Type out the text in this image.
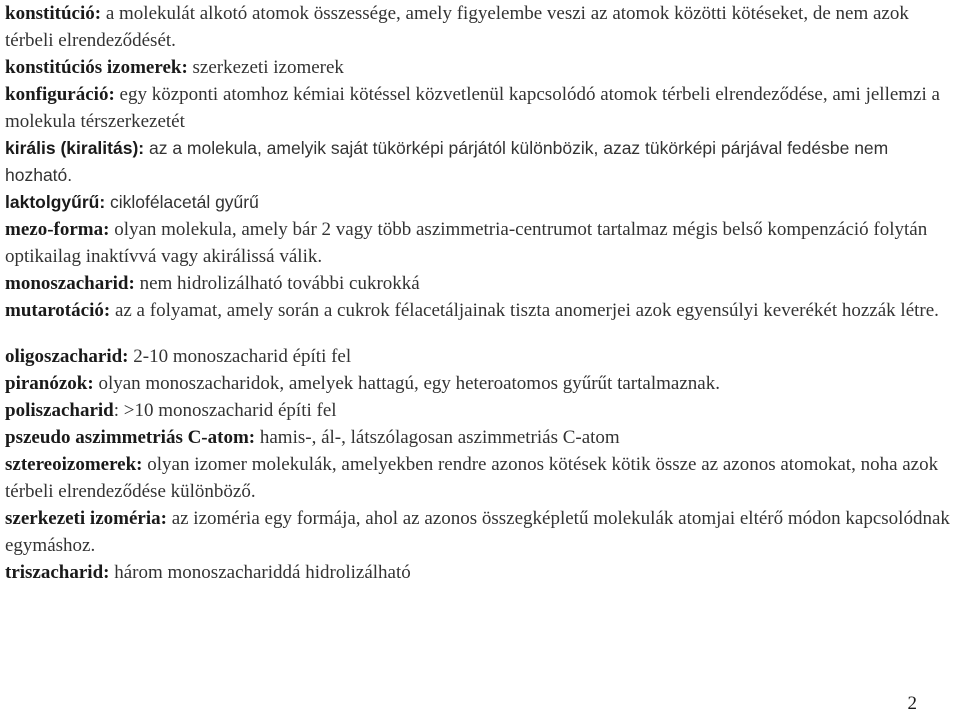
konstitúció: a molekulát alkotó atomok összessége, amely figyelembe veszi az atomok közötti kötéseket, de nem azok térbeli elrendeződését.

konstitúciós izomerek: szerkezeti izomerek

konfiguráció: egy központi atomhoz kémiai kötéssel közvetlenül kapcsolódó atomok térbeli elrendeződése, ami jellemzi a molekula térszerkezetét

királis (kiralitás): az a molekula, amelyik saját tükörképi párjától különbözik, azaz tükörképi párjával fedésbe nem hozható.

laktolgyűrű: ciklofélacetál gyűrű

mezo-forma: olyan molekula, amely bár 2 vagy több aszimmetria-centrumot tartalmaz mégis belső kompenzáció folytán optikailag inaktívvá vagy akirálissá válik.

monoszacharid: nem hidrolizálható további cukrokká

mutarotáció: az a folyamat, amely során a cukrok félacetáljainak tiszta anomerjei azok egyensúlyi keverékét hozzák létre.

oligoszacharid: 2-10 monoszacharid építi fel

piranózok: olyan monoszacharidok, amelyek hattagú, egy heteroatomos gyűrűt tartalmaznak.

poliszacharid: >10 monoszacharid építi fel

pszeudo aszimmetriás C-atom: hamis-, ál-, látszólagosan aszimmetriás C-atom

sztereoizomerek: olyan izomer molekulák, amelyekben rendre azonos kötések kötik össze az azonos atomokat, noha azok térbeli elrendeződése különböző.

szerkezeti izoméria: az izoméria egy formája, ahol az azonos összegképletű molekulák atomjai eltérő módon kapcsolódnak egymáshoz.

triszacharid: három monoszachariddá hidrolizálható

2
